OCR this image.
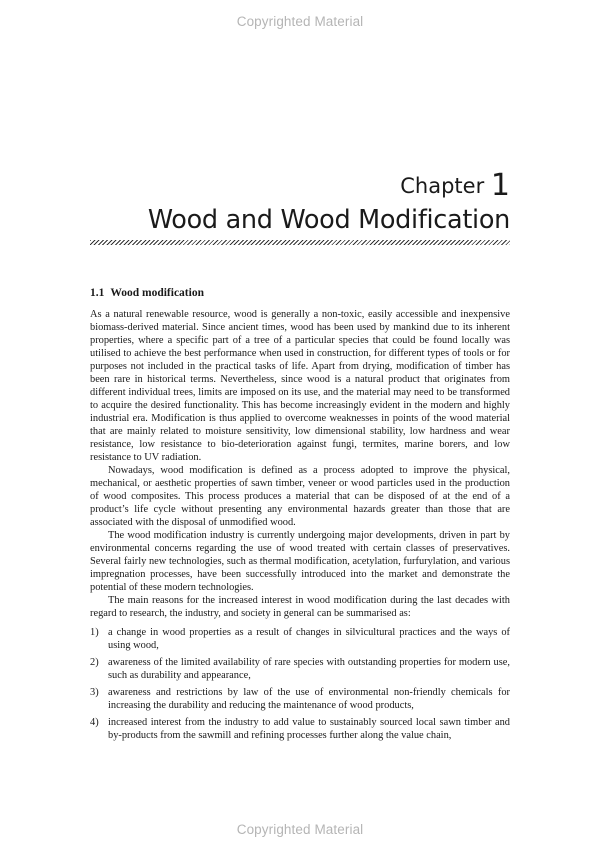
Copyrighted Material
Chapter 1
Wood and Wood Modification
1.1 Wood modification

As a natural renewable resource, wood is generally a non-toxic, easily accessible and inexpensive biomass-derived material. Since ancient times, wood has been used by mankind due to its inherent properties, where a specific part of a tree of a particular species that could be found locally was utilised to achieve the best performance when used in construction, for different types of tools or for purposes not included in the practical tasks of life. Apart from drying, modification of timber has been rare in historical terms. Nevertheless, since wood is a natural product that originates from different individual trees, limits are imposed on its use, and the material may need to be transformed to acquire the desired functionality. This has become increasingly evident in the modern and highly industrial era. Modification is thus applied to overcome weaknesses in points of the wood material that are mainly related to moisture sensitivity, low dimensional stability, low hardness and wear resistance, low resistance to bio-deterioration against fungi, termites, marine borers, and low resistance to UV radiation.

Nowadays, wood modification is defined as a process adopted to improve the physical, mechanical, or aesthetic properties of sawn timber, veneer or wood particles used in the production of wood composites. This process produces a material that can be disposed of at the end of a product’s life cycle without presenting any environmental hazards greater than those that are associated with the disposal of unmodified wood.

The wood modification industry is currently undergoing major developments, driven in part by environmental concerns regarding the use of wood treated with certain classes of preservatives. Several fairly new technologies, such as thermal modification, acetylation, furfurylation, and various impregnation processes, have been successfully introduced into the market and demonstrate the potential of these modern technologies.

The main reasons for the increased interest in wood modification during the last decades with regard to research, the industry, and society in general can be summarised as:

1) a change in wood properties as a result of changes in silvicultural practices and the ways of using wood,
2) awareness of the limited availability of rare species with outstanding properties for modern use, such as durability and appearance,
3) awareness and restrictions by law of the use of environmental non-friendly chemicals for increasing the durability and reducing the maintenance of wood products,
4) increased interest from the industry to add value to sustainably sourced local sawn timber and by-products from the sawmill and refining processes further along the value chain,
Copyrighted Material
